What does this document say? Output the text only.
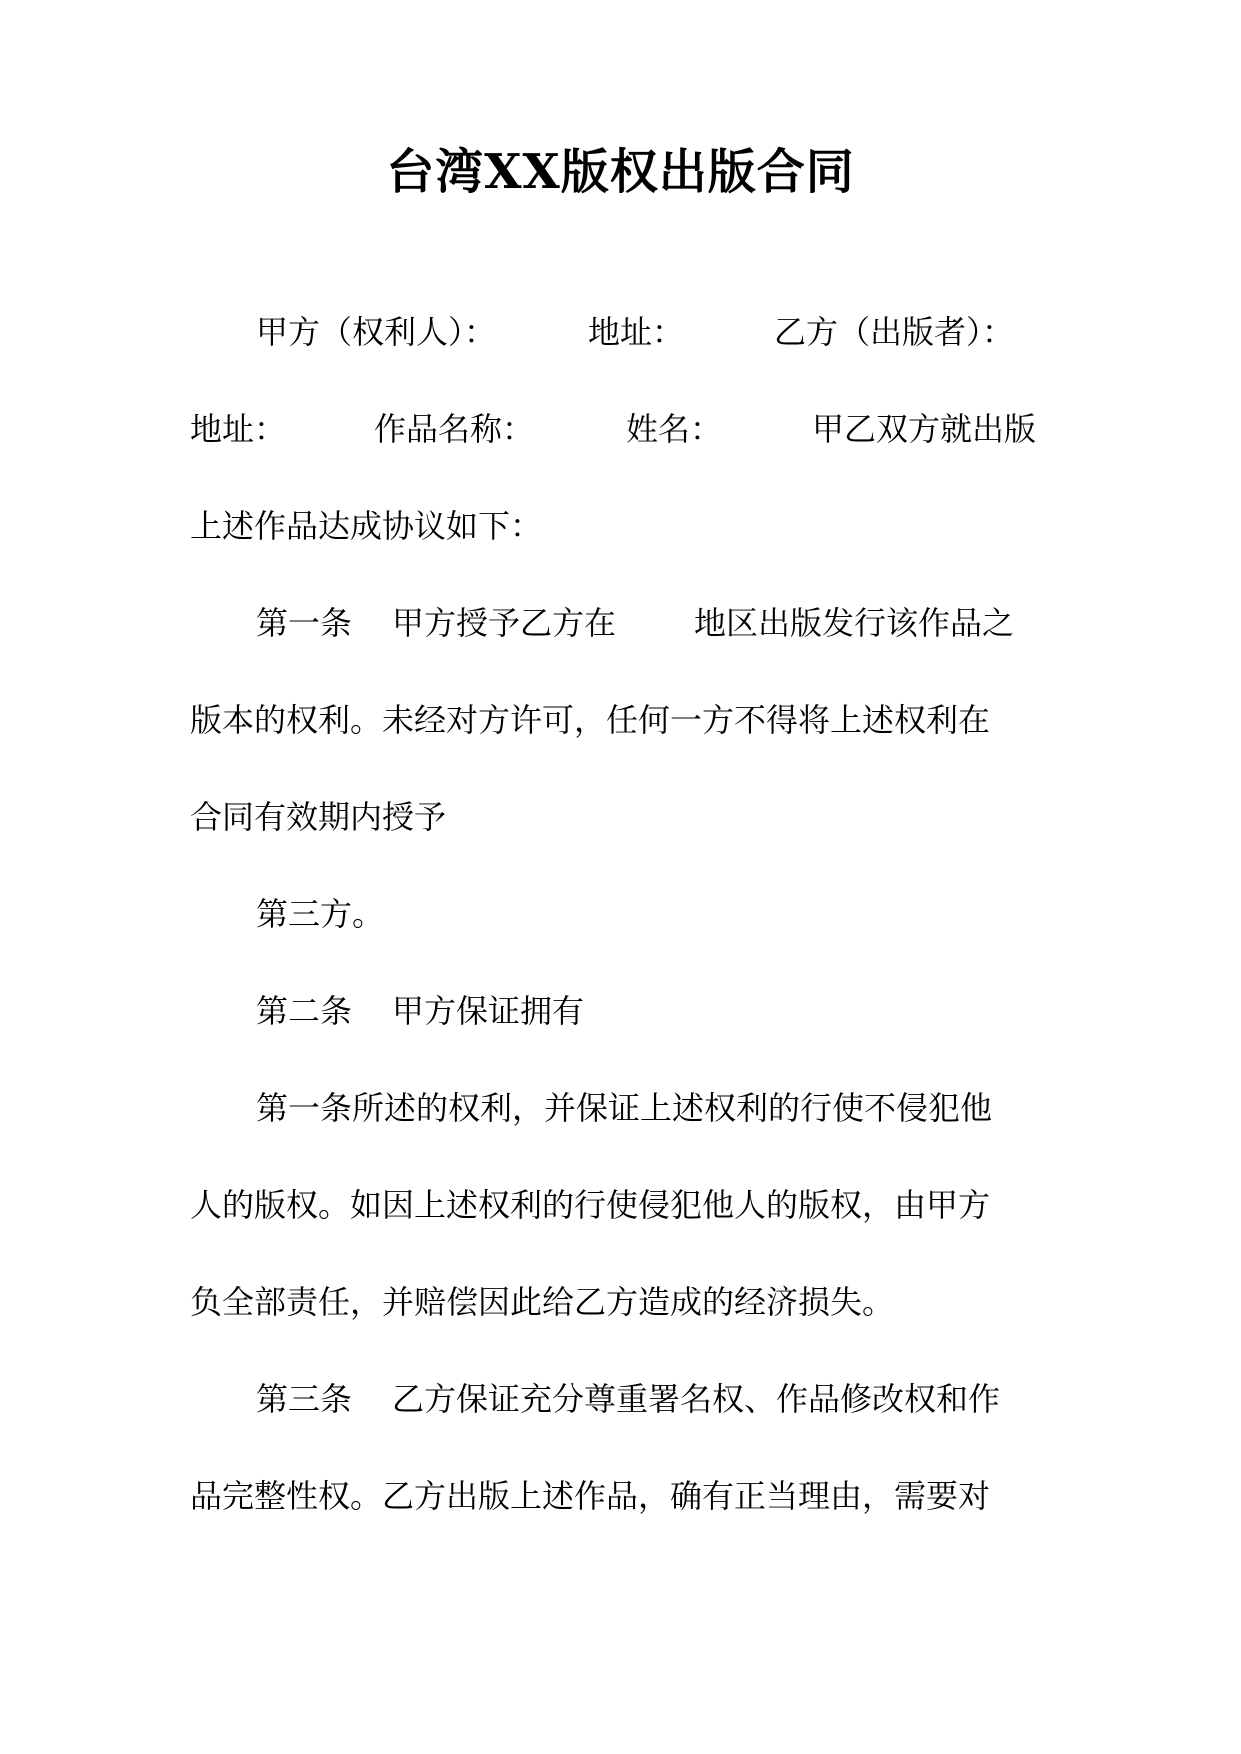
台湾XX版权出版合同
甲方（权利人）：	地址：	乙方（出版者）：
地址：	作品名称：	姓名：	甲乙双方就出版
上述作品达成协议如下：
第一条 甲方授予乙方在 地区出版发行该作品之
版本的权利。未经对方许可，任何一方不得将上述权利在
合同有效期内授予
第三方。
第二条 甲方保证拥有
第一条所述的权利，并保证上述权利的行使不侵犯他
人的版权。如因上述权利的行使侵犯他人的版权，由甲方
负全部责任，并赔偿因此给乙方造成的经济损失。
第三条 乙方保证充分尊重署名权、作品修改权和作
品完整性权。乙方出版上述作品，确有正当理由，需要对
